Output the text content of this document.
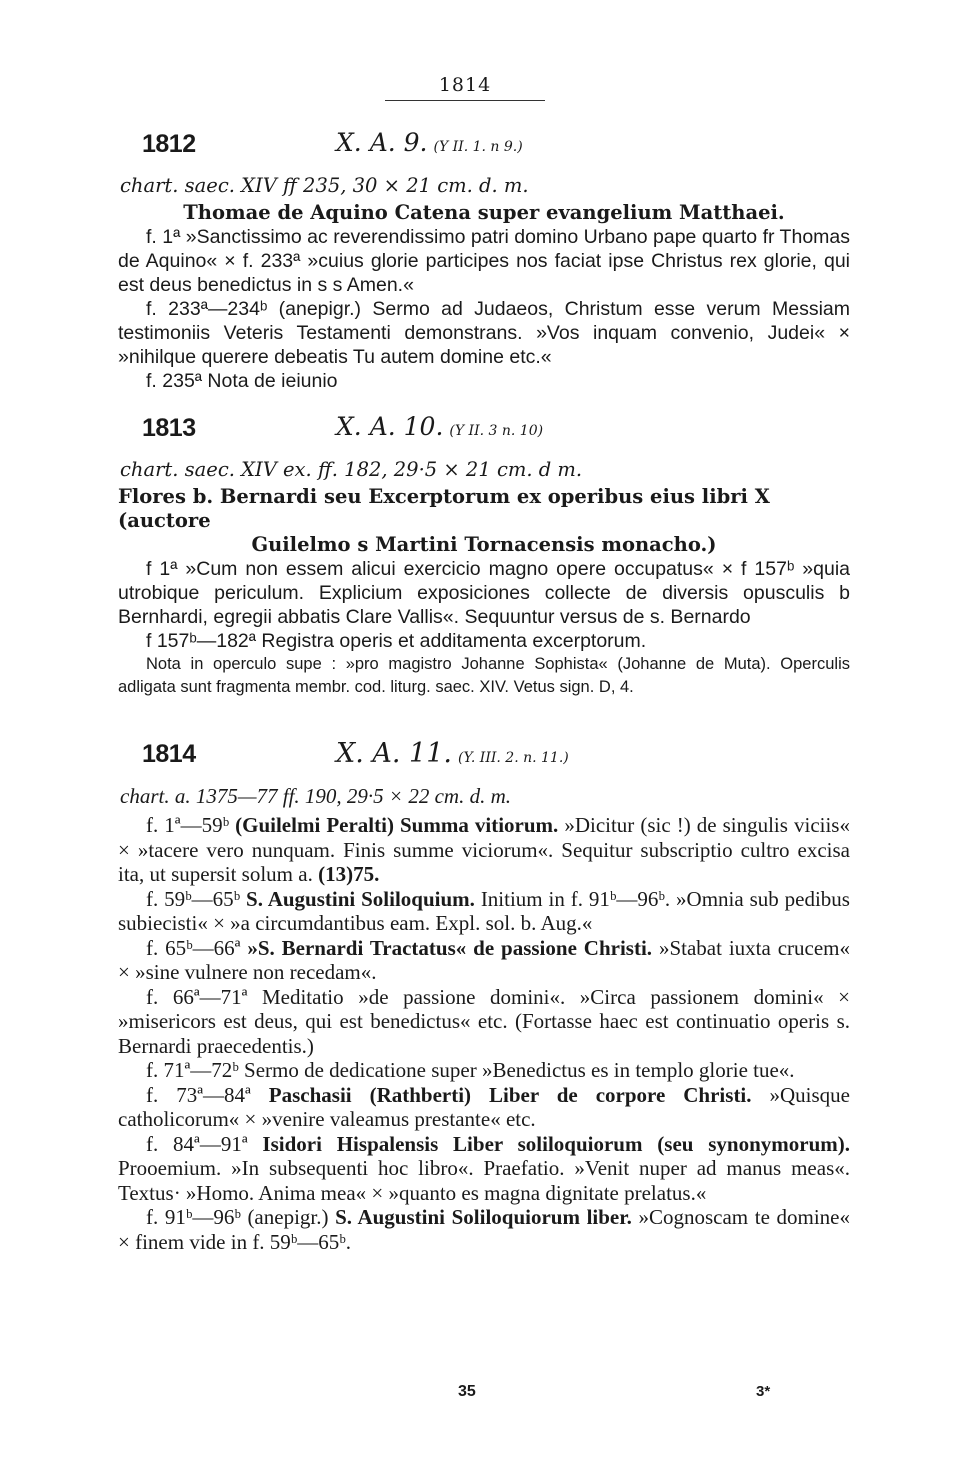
1814
1812	X. A. 9. (Y II. 1. n 9.)
chart. saec. XIV ff 235, 30 × 21 cm. d. m.
Thomae de Aquino Catena super evangelium Matthaei.

f. 1ª »Sanctissimo ac reverendissimo patri domino Urbano pape quarto fr Thomas de Aquino« × f. 233ª »cuius glorie participes nos faciat ipse Christus rex glorie, qui est deus benedictus in s s Amen.«

f. 233ª—234ᵇ (anepigr.) Sermo ad Judaeos, Christum esse verum Messiam testimoniis Veteris Testamenti demonstrans. »Vos inquam convenio, Judei« × »nihilque querere debeatis Tu autem domine etc.«

f. 235ª Nota de ieiunio

1813	X. A. 10. (Y II. 3 n. 10)
chart. saec. XIV ex. ff. 182, 29·5 × 21 cm. d m.
Flores b. Bernardi seu Excerptorum ex operibus eius libri X (auctore
Guilelmo s Martini Tornacensis monacho.)

f 1ª »Cum non essem alicui exercicio magno opere occupatus« × f 157ᵇ »quia utrobique periculum. Explicium exposiciones collecte de diversis opusculis b Bernhardi, egregii abbatis Clare Vallis«. Sequuntur versus de s. Bernardo

f 157ᵇ—182ª Registra operis et additamenta excerptorum.

Nota in operculo supe : »pro magistro Johanne Sophista« (Johanne de Muta). Operculis adligata sunt fragmenta membr. cod. liturg. saec. XIV. Vetus sign. D, 4.
1814	X. A. 11. (Y. III. 2. n. 11.)
chart. a. 1375—77 ff. 190, 29·5 × 22 cm. d. m.

f. 1ª—59ᵇ (Guilelmi Peralti) Summa vitiorum. »Dicitur (sic !) de singulis viciis« × »tacere vero nunquam. Finis summe viciorum«. Sequitur subscriptio cultro excisa ita, ut supersit solum a. (13)75.

f. 59ᵇ—65ᵇ S. Augustini Soliloquium. Initium in f. 91ᵇ—96ᵇ. »Omnia sub pedibus subiecisti« × »a circumdantibus eam. Expl. sol. b. Aug.«

f. 65ᵇ—66ª »S. Bernardi Tractatus« de passione Christi. »Stabat iuxta crucem« × »sine vulnere non recedam«.

f. 66ª—71ª Meditatio »de passione domini«. »Circa passionem domini« × »misericors est deus, qui est benedictus« etc. (Fortasse haec est continuatio operis s. Bernardi praecedentis.)

f. 71ª—72ᵇ Sermo de dedicatione super »Benedictus es in templo glorie tue«.

f. 73ª—84ª Paschasii (Rathberti) Liber de corpore Christi. »Quisque catholicorum« × »venire valeamus prestante« etc.

f. 84ª—91ª Isidori Hispalensis Liber soliloquiorum (seu synonymorum). Prooemium. »In subsequenti hoc libro«. Praefatio. »Venit nuper ad manus meas«. Textus· »Homo. Anima mea« × »quanto es magna dignitate prelatus.«

f. 91ᵇ—96ᵇ (anepigr.) S. Augustini Soliloquiorum liber. »Cognoscam te domine« × finem vide in f. 59ᵇ—65ᵇ.

35	3*
